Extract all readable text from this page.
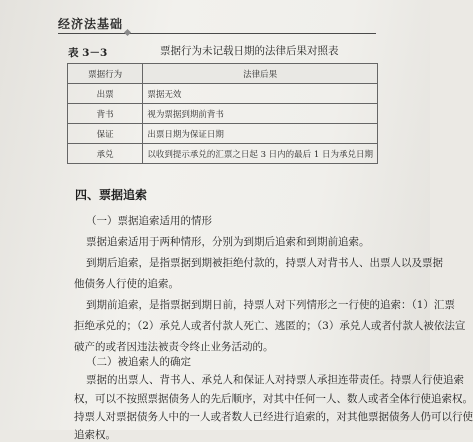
经济法基础
表 3－3	票据行为未记载日期的法律后果对照表
票据行为	法律后果
出票	票据无效
背书	视为票据到期前背书
保证	出票日期为保证日期
承兑	以收到提示承兑的汇票之日起 3 日内的最后 1 日为承兑日期
四、票据追索
（一）票据追索适用的情形
票据追索适用于两种情形，分别为到期后追索和到期前追索。
到期后追索，是指票据到期被拒绝付款的，持票人对背书人、出票人以及票据
他债务人行使的追索。
到期前追索，是指票据到期日前，持票人对下列情形之一行使的追索：（1）汇票
拒绝承兑的；（2）承兑人或者付款人死亡、逃匿的；（3）承兑人或者付款人被依法宣
破产的或者因违法被责令终止业务活动的。
（二）被追索人的确定
票据的出票人、背书人、承兑人和保证人对持票人承担连带责任。持票人行使追索
权，可以不按照票据债务人的先后顺序，对其中任何一人、数人或者全体行使追索权。
持票人对票据债务人中的一人或者数人已经进行追索的，对其他票据债务人仍可以行使
追索权。
